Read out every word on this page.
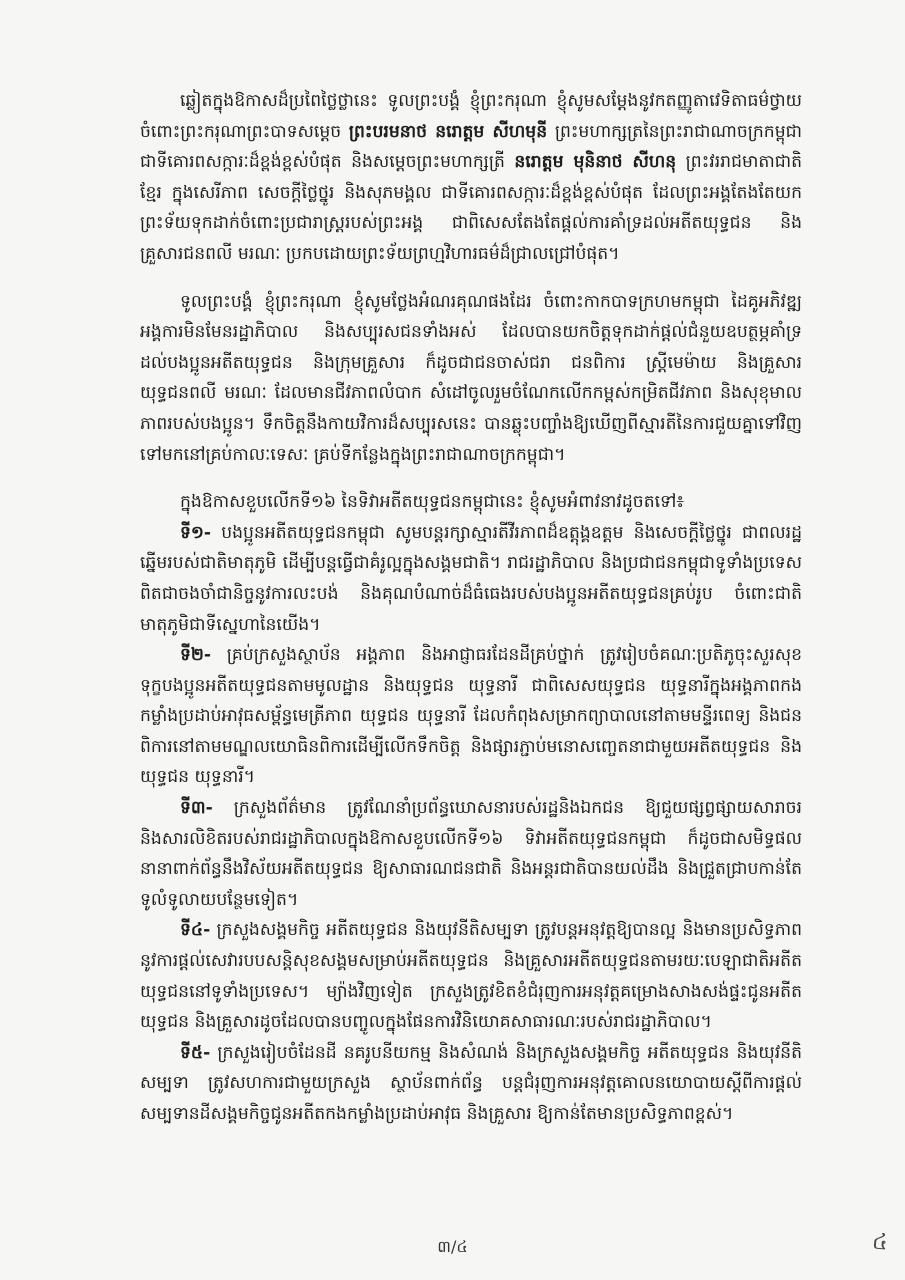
ឆ្លៀតក្នុងឱកាសដ៏ប្រពៃថ្លៃថ្លានេះ ទូលព្រះបង្គំ ខ្ញុំព្រះករុណា ខ្ញុំសូមសម្តែងនូវកតញ្ញូតាវេទិតាធម៌ថ្វាយចំពោះព្រះករុណាព្រះបាទសម្តេច ព្រះបរមនាថ នរោត្តម សីហមុនី ព្រះមហាក្សត្រនៃព្រះរាជាណាចក្រកម្ពុជា ជាទីគោរពសក្ការៈដ៏ខ្ពង់ខ្ពស់បំផុត និងសម្តេចព្រះមហាក្សត្រី នរោត្តម មុនិនាថ សីហនុ ព្រះវររាជមាតាជាតិខ្មែរ ក្នុងសេរីភាព សេចក្តីថ្លៃថ្នូរ និងសុភមង្គល ជាទីគោរពសក្ការៈដ៏ខ្ពង់ខ្ពស់បំផុត ដែលព្រះអង្គតែងតែយកព្រះទ័យទុកដាក់ចំពោះប្រជារាស្ត្ររបស់ព្រះអង្គ ជាពិសេសតែងតែផ្តល់ការគាំទ្រដល់អតីតយុទ្ធជន និងគ្រួសារជនពលី មរណៈ ប្រកបដោយព្រះទ័យព្រហ្មវិហារធម៌ដ៏ជ្រាលជ្រៅបំផុត។

ទូលព្រះបង្គំ ខ្ញុំព្រះករុណា ខ្ញុំសូមថ្លែងអំណរគុណផងដែរ ចំពោះកាកបាទក្រហមកម្ពុជា ដៃគូអភិវឌ្ឍ អង្គការមិនមែនរដ្ឋាភិបាល និងសប្បុរសជនទាំងអស់ ដែលបានយកចិត្តទុកដាក់ផ្តល់ជំនួយឧបត្ថម្ភគាំទ្រដល់បងប្អូនអតីតយុទ្ធជន និងក្រុមគ្រួសារ ក៏ដូចជាជនចាស់ជរា ជនពិការ ស្ត្រីមេម៉ាយ និងគ្រួសារយុទ្ធជនពលី មរណៈ ដែលមានជីវភាពលំបាក សំដៅចូលរួមចំណែកលើកកម្ពស់កម្រិតជីវភាព និងសុខុមាលភាពរបស់បងប្អូន។ ទឹកចិត្តនឹងកាយវិការដ៏សប្បុរសនេះ បានឆ្លុះបញ្ចាំងឱ្យឃើញពីស្មារតីនៃការជួយគ្នាទៅវិញទៅមកនៅគ្រប់កាលៈទេសៈ គ្រប់ទីកន្លែងក្នុងព្រះរាជាណាចក្រកម្ពុជា។

ក្នុងឱកាសខួបលើកទី១៦ នៃទិវាអតីតយុទ្ធជនកម្ពុជានេះ ខ្ញុំសូមអំពាវនាវដូចតទៅ៖

ទី១- បងប្អូនអតីតយុទ្ធជនកម្ពុជា សូមបន្តរក្សាស្មារតីវីរភាពដ៏ឧត្តុង្គឧត្តម និងសេចក្តីថ្លៃថ្នូរ ជាពលរដ្ឋឆ្នើមរបស់ជាតិមាតុភូមិ ដើម្បីបន្តធ្វើជាគំរូល្អក្នុងសង្គមជាតិ។ រាជរដ្ឋាភិបាល និងប្រជាជនកម្ពុជាទូទាំងប្រទេស ពិតជាចងចាំជានិច្ចនូវការលះបង់ និងគុណបំណាច់ដ៏ធំធេងរបស់បងប្អូនអតីតយុទ្ធជនគ្រប់រូប ចំពោះជាតិមាតុភូមិជាទីស្នេហានៃយើង។

ទី២- គ្រប់ក្រសួងស្ថាប័ន អង្គភាព និងអាជ្ញាធរដែនដីគ្រប់ថ្នាក់ ត្រូវរៀបចំគណៈប្រតិភូចុះសួរសុខទុក្ខបងប្អូនអតីតយុទ្ធជនតាមមូលដ្ឋាន និងយុទ្ធជន យុទ្ធនារី ជាពិសេសយុទ្ធជន យុទ្ធនារីក្នុងអង្គភាពកងកម្លាំងប្រដាប់អាវុធសម្ព័ន្ធមេត្រីភាព យុទ្ធជន យុទ្ធនារី ដែលកំពុងសម្រាកព្យាបាលនៅតាមមន្ទីរពេទ្យ និងជនពិការនៅតាមមណ្ឌលយោធិនពិការដើម្បីលើកទឹកចិត្ត និងផ្សារភ្ជាប់មនោសញ្ចេតនាជាមួយអតីតយុទ្ធជន និងយុទ្ធជន យុទ្ធនារី។

ទី៣- ក្រសួងព័ត៌មាន ត្រូវណែនាំប្រព័ន្ធឃោសនារបស់រដ្ឋនិងឯកជន ឱ្យជួយផ្សព្វផ្សាយសារាចរនិងសារលិខិតរបស់រាជរដ្ឋាភិបាលក្នុងឱកាសខួបលើកទី១៦ ទិវាអតីតយុទ្ធជនកម្ពុជា ក៏ដូចជាសមិទ្ធផលនានាពាក់ព័ន្ធនឹងវិស័យអតីតយុទ្ធជន ឱ្យសាធារណជនជាតិ និងអន្តរជាតិបានយល់ដឹង និងជ្រួតជ្រាបកាន់តែទូលំទូលាយបន្ថែមទៀត។

ទី៤- ក្រសួងសង្គមកិច្ច អតីតយុទ្ធជន និងយុវនីតិសម្បទា ត្រូវបន្តអនុវត្តឱ្យបានល្អ និងមានប្រសិទ្ធភាពនូវការផ្តល់សេវារបបសន្តិសុខសង្គមសម្រាប់អតីតយុទ្ធជន និងគ្រួសារអតីតយុទ្ធជនតាមរយៈបេឡាជាតិអតីតយុទ្ធជននៅទូទាំងប្រទេស។ ម្យ៉ាងវិញទៀត ក្រសួងត្រូវខិតខំជំរុញការអនុវត្តគម្រោងសាងសង់ផ្ទះជូនអតីតយុទ្ធជន និងគ្រួសារដូចដែលបានបញ្ចូលក្នុងផែនការវិនិយោគសាធារណៈរបស់រាជរដ្ឋាភិបាល។

ទី៥- ក្រសួងរៀបចំដែនដី នគរូបនីយកម្ម និងសំណង់ និងក្រសួងសង្គមកិច្ច អតីតយុទ្ធជន និងយុវនីតិសម្បទា ត្រូវសហការជាមួយក្រសួង ស្ថាប័នពាក់ព័ន្ធ បន្តជំរុញការអនុវត្តគោលនយោបាយស្តីពីការផ្តល់សម្បទានដីសង្គមកិច្ចជូនអតីតកងកម្លាំងប្រដាប់អាវុធ និងគ្រួសារ ឱ្យកាន់តែមានប្រសិទ្ធភាពខ្ពស់។

៣/៤	៤
